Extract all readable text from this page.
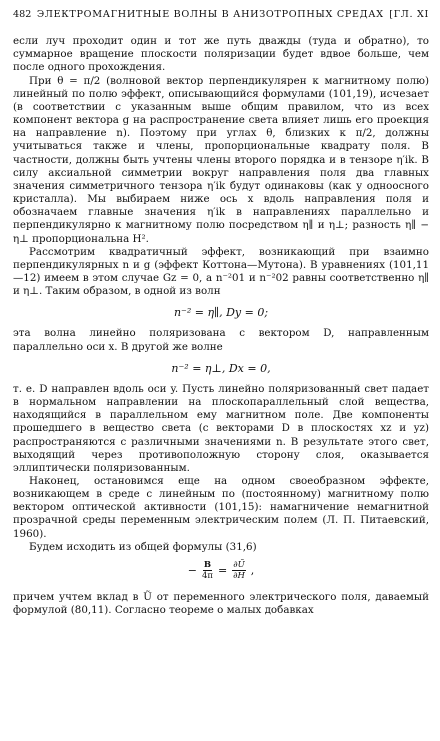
482 ЭЛЕКТРОМАГНИТНЫЕ ВОЛНЫ В АНИЗОТРОПНЫХ СРЕДАХ [ГЛ. XI

если луч проходит один и тот же путь дважды (туда и обратно), то суммарное вращение плоскости поляризации будет вдвое больше, чем после одного прохождения.

При θ = π/2 (волновой вектор перпендикулярен к магнитному полю) линейный по полю эффект, описывающийся формулами (101,19), исчезает (в соответствии с указанным выше общим правилом, что из всех компонент вектора g на распространение света влияет лишь его проекция на направление n). Поэтому при углах θ, близких к π/2, должны учитываться также и члены, пропорциональные квадрату поля. В частности, должны быть учтены члены второго порядка и в тензоре η′ik. В силу аксиальной симметрии вокруг направления поля два главных значения симметричного тензора η′ik будут одинаковы (как у одноосного кристалла). Мы выбираем ниже ось x вдоль направления поля и обозначаем главные значения η′ik в направлениях параллельно и перпендикулярно к магнитному полю посредством η∥ и η⊥; разность η∥ − η⊥ пропорциональна H².

Рассмотрим квадратичный эффект, возникающий при взаимно перпендикулярных n и g (эффект Коттона—Мутона). В уравнениях (101,11—12) имеем в этом случае Gz = 0, а n⁻²01 и n⁻²02 равны соответственно η∥ и η⊥. Таким образом, в одной из волн

n⁻² = η∥, Dy = 0;

эта волна линейно поляризована с вектором D, направленным параллельно оси x. В другой же волне

n⁻² = η⊥, Dx = 0,

т. е. D направлен вдоль оси y. Пусть линейно поляризованный свет падает в нормальном направлении на плоскопараллельный слой вещества, находящийся в параллельном ему магнитном поле. Две компоненты прошедшего в вещество света (с векторами D в плоскостях xz и yz) распространяются с различными значениями n. В результате этого свет, выходящий через противоположную сторону слоя, оказывается эллиптически поляризованным.

Наконец, остановимся еще на одном своеобразном эффекте, возникающем в среде с линейным по (постоянному) магнитному полю вектором оптической активности (101,15): намагничение немагнитной прозрачной среды переменным электрическим полем (Л. П. Питаевский, 1960).

Будем исходить из общей формулы (31,6)

− $\frac{B}{4\pi} = \frac{\partial Ũ}{\partial H}$ ,

причем учтем вклад в Ũ от переменного электрического поля, даваемый формулой (80,11). Согласно теореме о малых добавках
